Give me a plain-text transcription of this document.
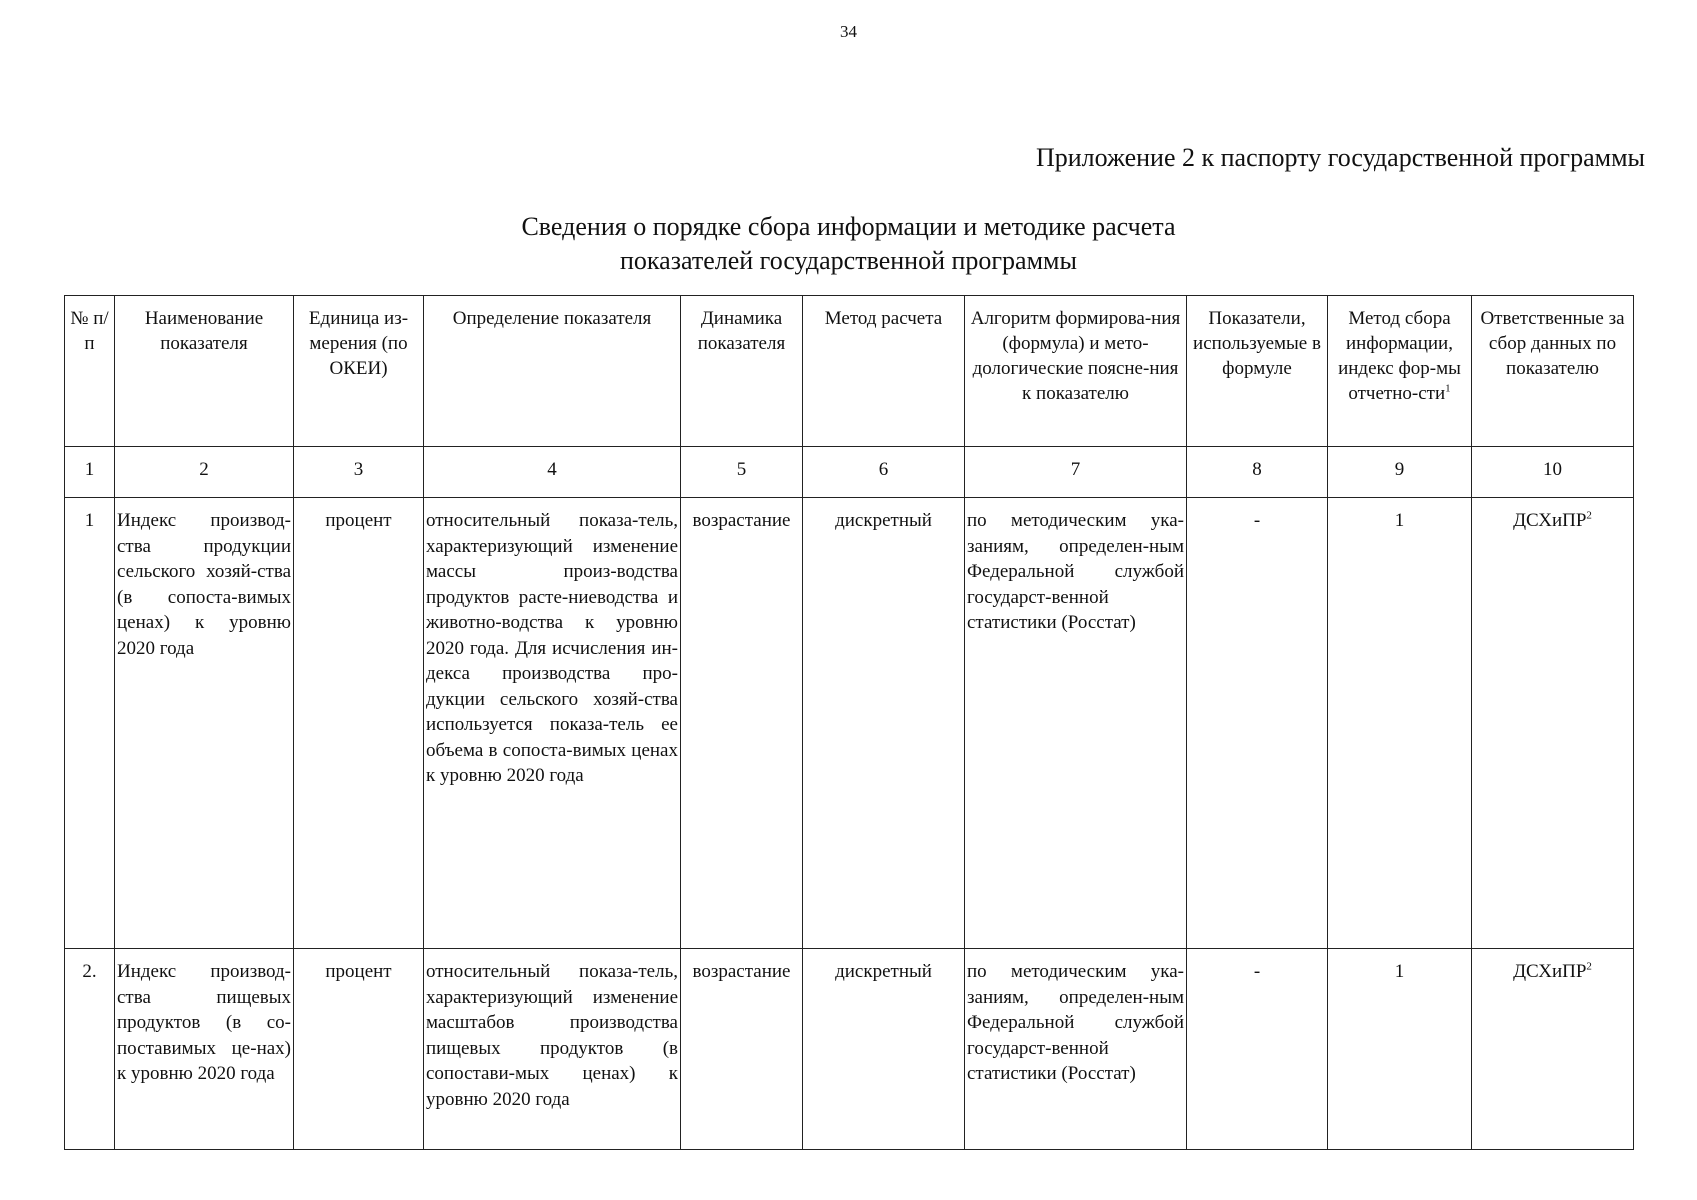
34
Приложение 2 к паспорту государственной программы
Сведения о порядке сбора информации и методике расчета
показателей государственной программы
№ п/п	Наименование показателя	Единица из-мерения (по ОКЕИ)	Определение показателя	Динамика показателя	Метод расчета	Алгоритм формирова-ния (формула) и мето-дологические поясне-ния к показателю	Показатели, используемые в формуле	Метод сбора информации, индекс фор-мы отчетно-сти$^1$	Ответственные за сбор данных по показателю
1	2	3	4	5	6	7	8	9	10
1	Индекс производ-ства продукции сельского хозяй-ства (в сопоста-вимых ценах) к уровню 2020 года	процент	относительный показа-тель, характеризующий изменение массы произ-водства продуктов расте-ниеводства и животно-водства к уровню 2020 года. Для исчисления ин-декса производства про-дукции сельского хозяй-ства используется показа-тель ее объема в сопоста-вимых ценах к уровню 2020 года	возрастание	дискретный	по методическим ука-заниям, определен-ным Федеральной службой государст-венной статистики (Росстат)	-	1	ДСХиПР$^2$
2.	Индекс производ-ства пищевых продуктов (в со-поставимых це-нах) к уровню 2020 года	процент	относительный показа-тель, характеризующий изменение масштабов производства пищевых продуктов (в сопостави-мых ценах) к уровню 2020 года	возрастание	дискретный	по методическим ука-заниям, определен-ным Федеральной службой государст-венной статистики (Росстат)	-	1	ДСХиПР$^2$
